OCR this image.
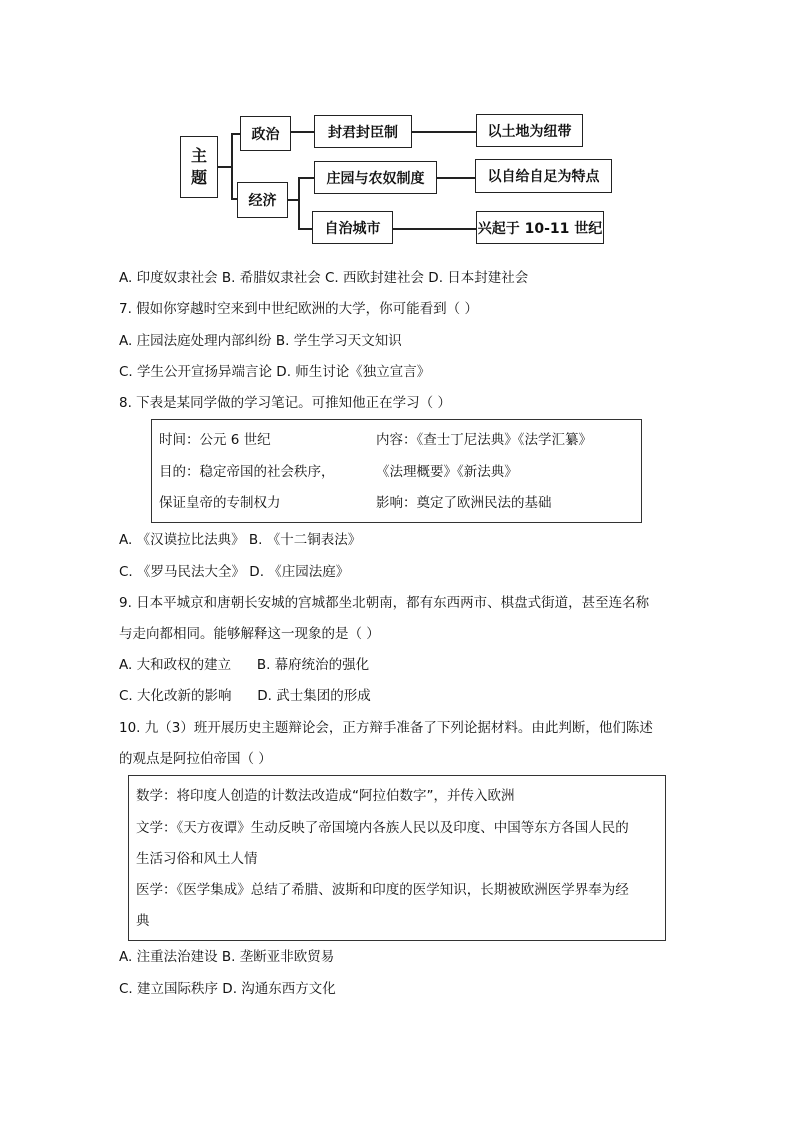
主
题
政治
经济
封君封臣制	以土地为纽带
庄园与农奴制度	以自给自足为特点
自治城市	兴起于 10-11 世纪
A. 印度奴隶社会 B. 希腊奴隶社会 C. 西欧封建社会 D. 日本封建社会
7. 假如你穿越时空来到中世纪欧洲的大学，你可能看到（ ）
A. 庄园法庭处理内部纠纷 B. 学生学习天文知识
C. 学生公开宣扬异端言论 D. 师生讨论《独立宣言》
8. 下表是某同学做的学习笔记。可推知他正在学习（ ）
时间：公元 6 世纪	内容：《查士丁尼法典》《法学汇纂》
目的：稳定帝国的社会秩序，	《法理概要》《新法典》
保证皇帝的专制权力	影响：奠定了欧洲民法的基础
A. 《汉谟拉比法典》 B. 《十二铜表法》
C. 《罗马民法大全》 D. 《庄园法庭》
9. 日本平城京和唐朝长安城的宫城都坐北朝南，都有东西两市、棋盘式街道，甚至连名称
与走向都相同。能够解释这一现象的是（ ）
A. 大和政权的建立      B. 幕府统治的强化
C. 大化改新的影响      D. 武士集团的形成
10. 九（3）班开展历史主题辩论会，正方辩手准备了下列论据材料。由此判断，他们陈述
的观点是阿拉伯帝国（ ）
数学：将印度人创造的计数法改造成“阿拉伯数字”，并传入欧洲
文学：《天方夜谭》生动反映了帝国境内各族人民以及印度、中国等东方各国人民的
生活习俗和风土人情
医学：《医学集成》总结了希腊、波斯和印度的医学知识，长期被欧洲医学界奉为经
典
A. 注重法治建设 B. 垄断亚非欧贸易
C. 建立国际秩序 D. 沟通东西方文化
